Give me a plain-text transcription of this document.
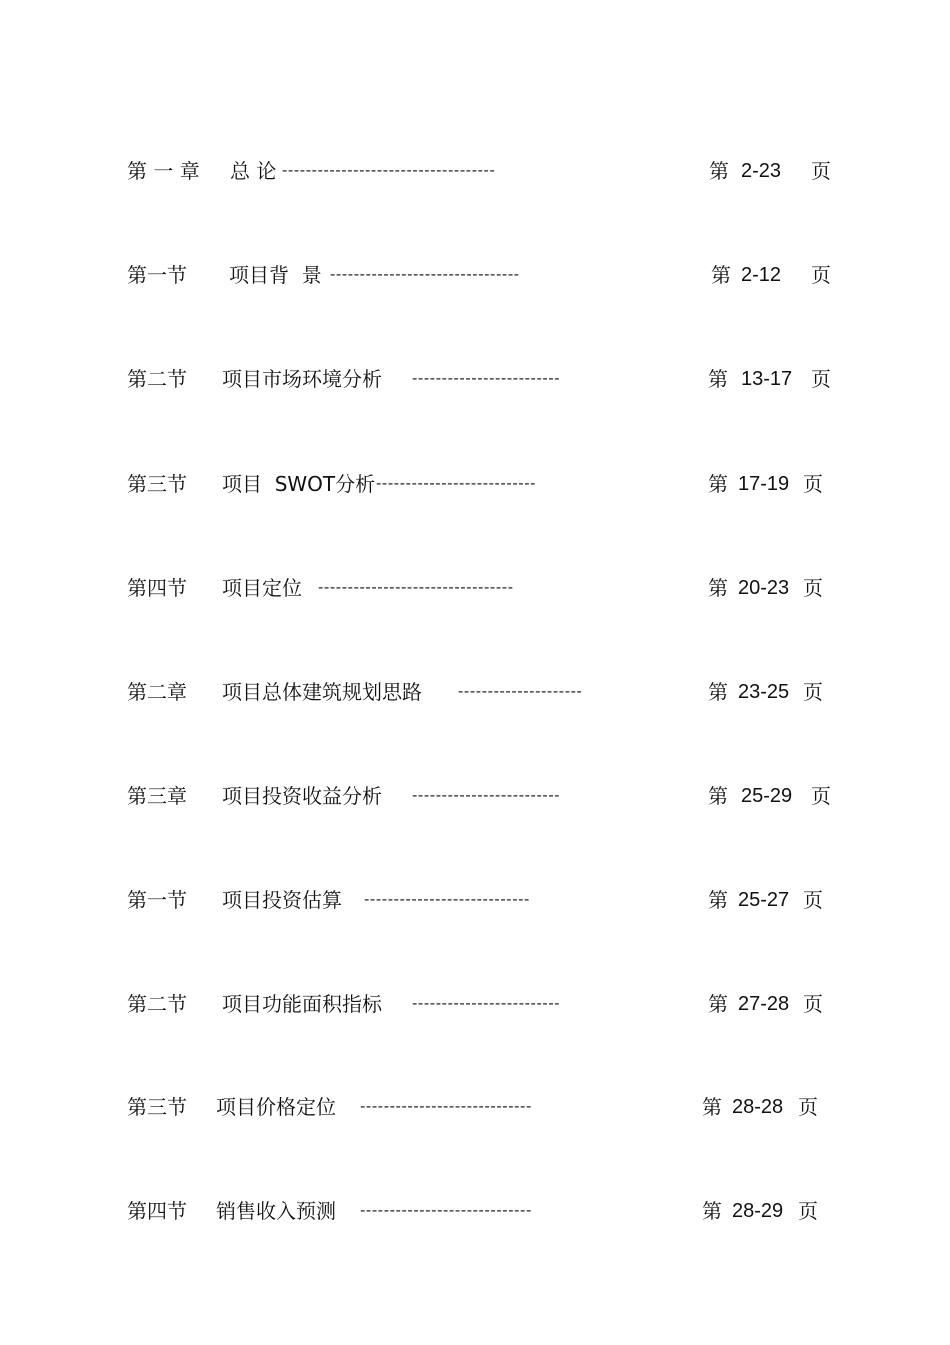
第 一 章 总 论 ------------------------------------	第 2-23 页
第一节 项目背  景 --------------------------------	第 2-12 页
第二节 项目市场环境分析 -------------------------	第 13-17 页
第三节 项目  SWOT分析 ---------------------------	第 17-19 页
第四节 项目定位 ---------------------------------	第 20-23 页
第二章 项目总体建筑规划思路 ---------------------	第 23-25 页
第三章 项目投资收益分析 -------------------------	第 25-29 页
第一节 项目投资估算 ----------------------------	第 25-27 页
第二节 项目功能面积指标 -------------------------	第 27-28 页
第三节 项目价格定位 -----------------------------	第 28-28 页
第四节 销售收入预测 -----------------------------	第 28-29 页
